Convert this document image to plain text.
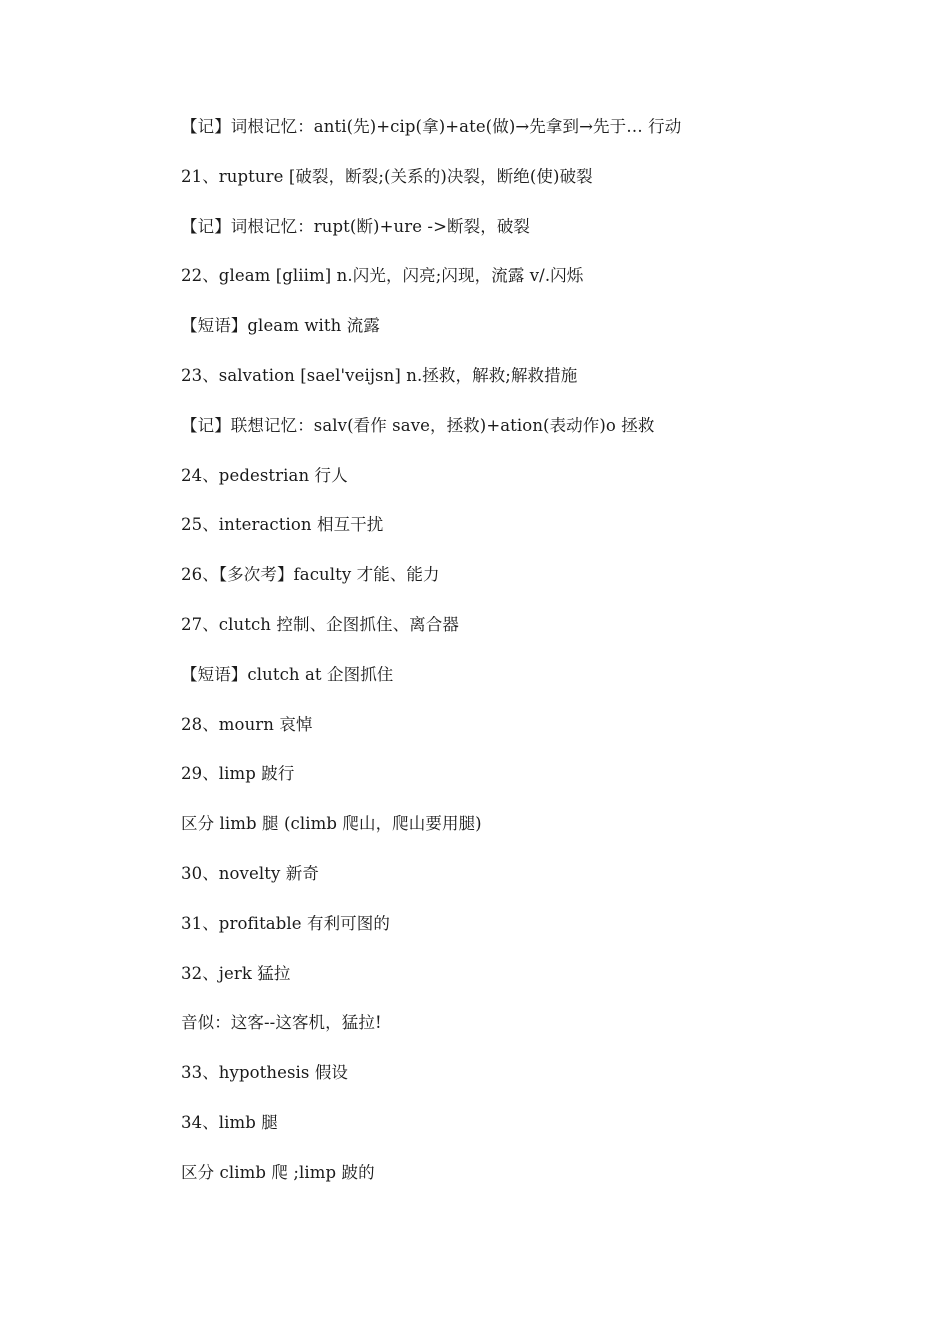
【记】词根记忆：anti(先)+cip(拿)+ate(做)→先拿到→先于… 行动
21、rupture [破裂，断裂;(关系的)决裂，断绝(使)破裂
【记】词根记忆：rupt(断)+ure ->断裂，破裂
22、gleam [gliim] n.闪光，闪亮;闪现，流露 v/.闪烁
【短语】gleam with 流露
23、salvation [sael'veijsn] n.拯救，解救;解救措施
【记】联想记忆：salv(看作 save，拯救)+ation(表动作)o 拯救
24、pedestrian 行人
25、interaction 相互干扰
26、【多次考】faculty 才能、能力
27、clutch 控制、企图抓住、离合器
【短语】clutch at 企图抓住
28、mourn 哀悼
29、limp 跛行
区分 limb 腿 (climb 爬山，爬山要用腿)
30、novelty 新奇
31、profitable 有利可图的
32、jerk 猛拉
音似：这客--这客机，猛拉!
33、hypothesis 假设
34、limb 腿
区分 climb 爬 ;limp 跛的
